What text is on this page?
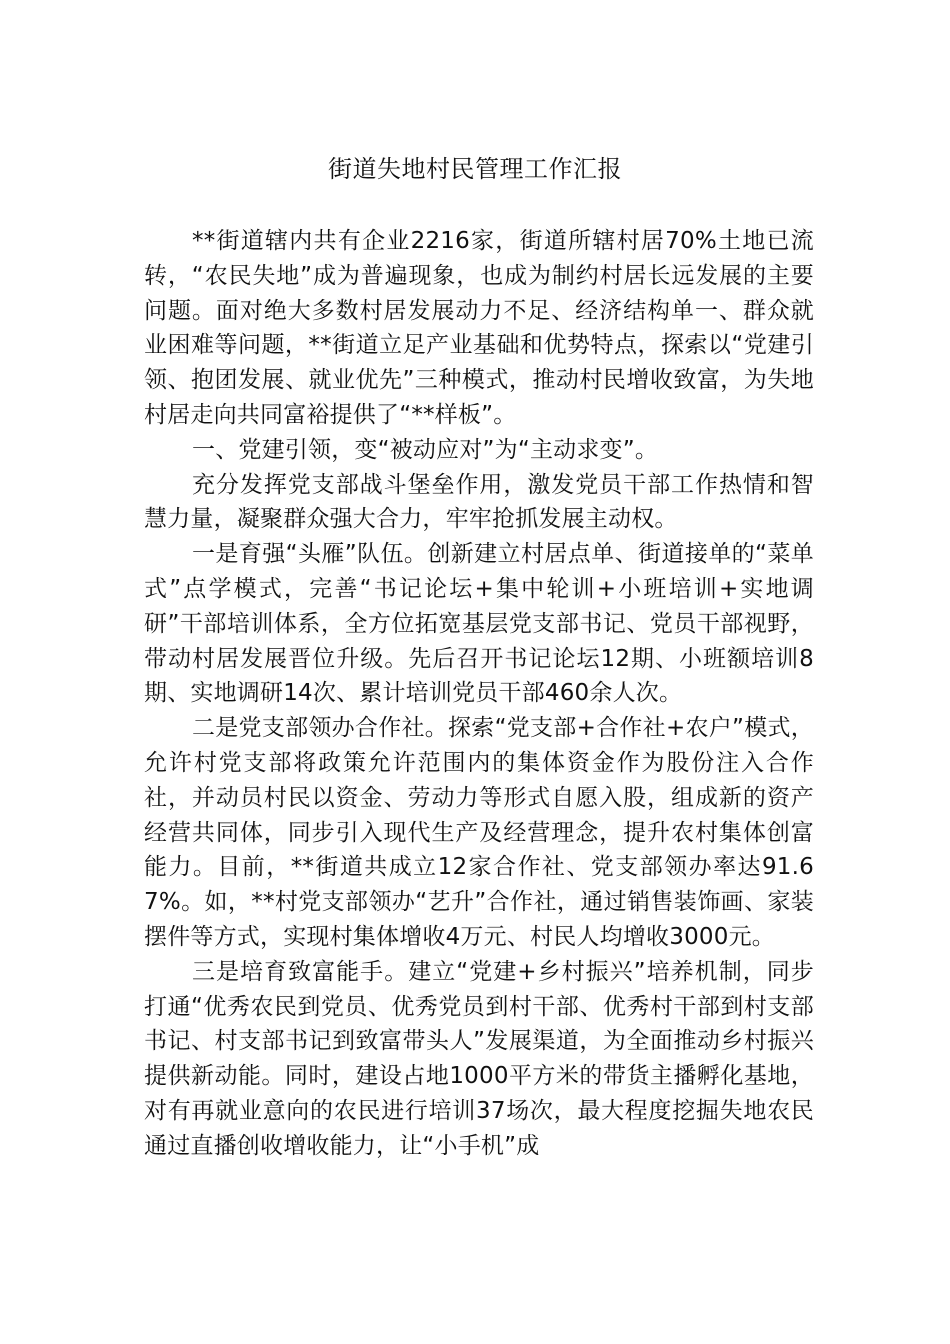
街道失地村民管理工作汇报

**街道辖内共有企业2216家，街道所辖村居70%土地已流转，“农民失地”成为普遍现象，也成为制约村居长远发展的主要问题。面对绝大多数村居发展动力不足、经济结构单一、群众就业困难等问题，**街道立足产业基础和优势特点，探索以“党建引领、抱团发展、就业优先”三种模式，推动村民增收致富，为失地村居走向共同富裕提供了“**样板”。

一、党建引领，变“被动应对”为“主动求变”。

充分发挥党支部战斗堡垒作用，激发党员干部工作热情和智慧力量，凝聚群众强大合力，牢牢抢抓发展主动权。

一是育强“头雁”队伍。创新建立村居点单、街道接单的“菜单式”点学模式，完善“书记论坛+集中轮训+小班培训+实地调研”干部培训体系，全方位拓宽基层党支部书记、党员干部视野，带动村居发展晋位升级。先后召开书记论坛12期、小班额培训8期、实地调研14次、累计培训党员干部460余人次。

二是党支部领办合作社。探索“党支部+合作社+农户”模式，允许村党支部将政策允许范围内的集体资金作为股份注入合作社，并动员村民以资金、劳动力等形式自愿入股，组成新的资产经营共同体，同步引入现代生产及经营理念，提升农村集体创富能力。目前，**街道共成立12家合作社、党支部领办率达91.67%。如，**村党支部领办“艺升”合作社，通过销售装饰画、家装摆件等方式，实现村集体增收4万元、村民人均增收3000元。

三是培育致富能手。建立“党建+乡村振兴”培养机制，同步打通“优秀农民到党员、优秀党员到村干部、优秀村干部到村支部书记、村支部书记到致富带头人”发展渠道，为全面推动乡村振兴提供新动能。同时，建设占地1000平方米的带货主播孵化基地，对有再就业意向的农民进行培训37场次，最大程度挖掘失地农民通过直播创收增收能力，让“小手机”成
